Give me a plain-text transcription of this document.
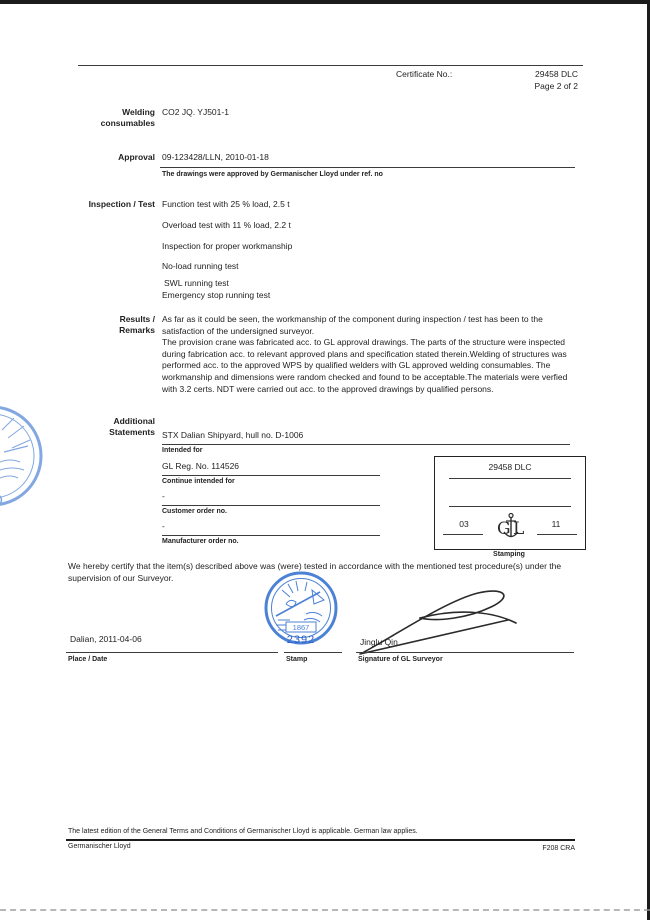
Certificate No.:	29458 DLC
Page 2 of 2
Welding
consumables
CO2 JQ. YJ501-1
Approval 09-123428/LLN, 2010-01-18
The drawings were approved by Germanischer Lloyd under ref. no
Inspection / Test Function test with 25 % load, 2.5 t
Overload test with 11 % load, 2.2 t
Inspection for proper workmanship
No-load running test
SWL running test
Emergency stop running test
Results /
Remarks
As far as it could be seen, the workmanship of the component during inspection / test has been to the satisfaction of the undersigned surveyor.
The provision crane was fabricated acc. to GL approval drawings. The parts of the structure were inspected during fabrication acc. to relevant approved plans and specification stated therein.Welding of structures was performed acc. to the approved WPS by qualified welders with GL approved welding consumables. The workmanship and dimensions were random checked and found to be acceptable.The materials were verfied with 3.2 certs. NDT were carried out acc. to the approved drawings by qualified persons.
Additional
Statements STX Dalian Shipyard, hull no. D-1006
Intended for
GL Reg. No. 114526
Continue intended for
-
Customer order no.
-
Manufacturer order no.
29458 DLC
03	11
G L
Stamping
We hereby certify that the item(s) described above was (were) tested in accordance with the mentioned test procedure(s) under the supervision of our Surveyor.
1867
2392
Dalian, 2011-04-06
Place / Date	Stamp
Jinglu Qin
Signature of GL Surveyor
The latest edition of the General Terms and Conditions of Germanischer Lloyd is applicable. German law applies.
Germanischer Lloyd	F208 CRA
